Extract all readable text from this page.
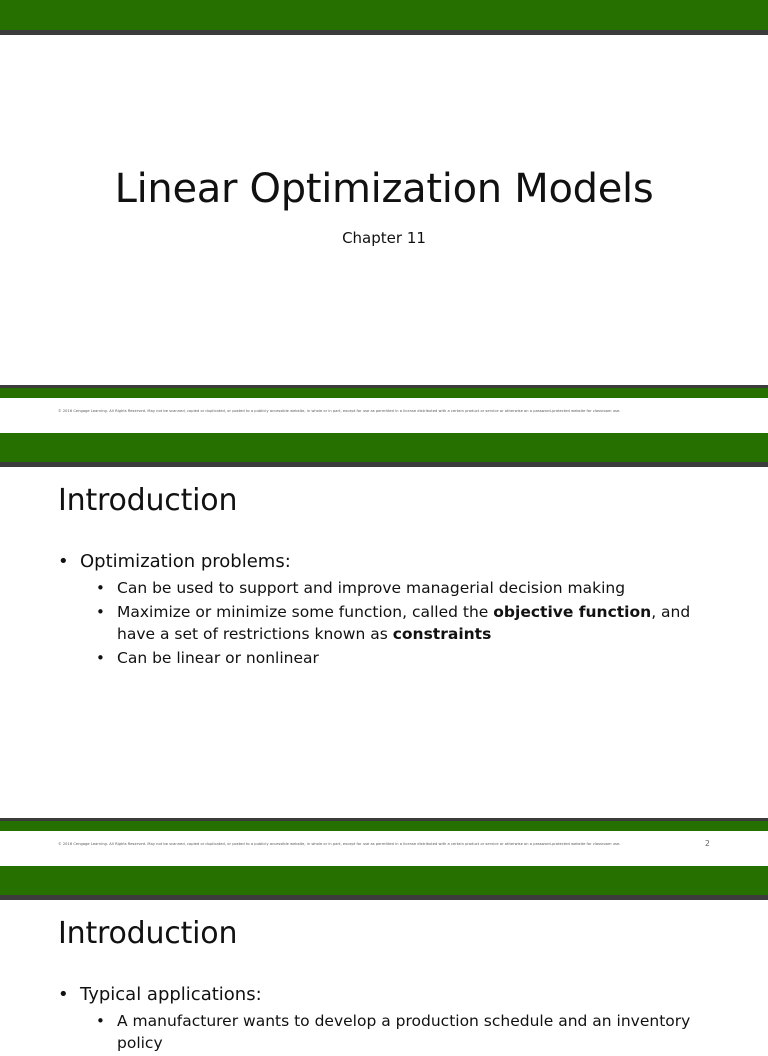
Linear Optimization Models
Chapter 11
© 2016 Cengage Learning. All Rights Reserved. May not be scanned, copied or duplicated, or posted to a publicly accessible website, in whole or in part, except for use as permitted in a license distributed with a certain product or service or otherwise on a password-protected website for classroom use.
Introduction
• Optimization problems:
• Can be used to support and improve managerial decision making
• Maximize or minimize some function, called the objective function, and have a set of restrictions known as constraints
• Can be linear or nonlinear
© 2016 Cengage Learning. All Rights Reserved. May not be scanned, copied or duplicated, or posted to a publicly accessible website, in whole or in part, except for use as permitted in a license distributed with a certain product or service or otherwise on a password-protected website for classroom use.	2
Introduction
• Typical applications:
• A manufacturer wants to develop a production schedule and an inventory policy
